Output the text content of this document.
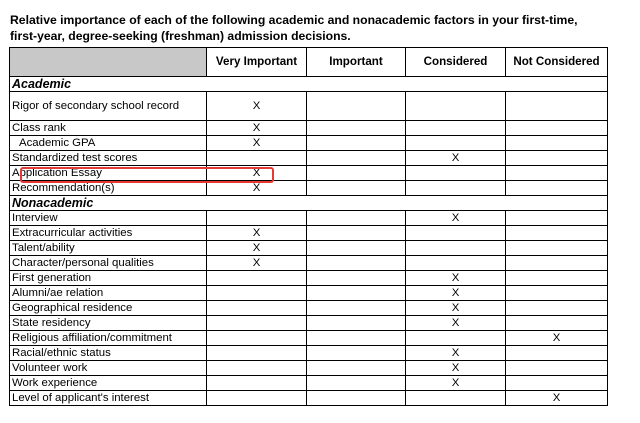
Relative importance of each of the following academic and nonacademic factors in your first-time,
first-year, degree-seeking (freshman) admission decisions.
	Very Important	Important	Considered	Not Considered
Academic				
Rigor of secondary school record	X			
Class rank	X			
Academic GPA	X			
Standardized test scores			X	
Application Essay	X			
Recommendation(s)	X			
Nonacademic				
Interview			X	
Extracurricular activities	X			
Talent/ability	X			
Character/personal qualities	X			
First generation			X	
Alumni/ae relation			X	
Geographical residence			X	
State residency			X	
Religious affiliation/commitment				X
Racial/ethnic status			X	
Volunteer work			X	
Work experience			X	
Level of applicant's interest				X
